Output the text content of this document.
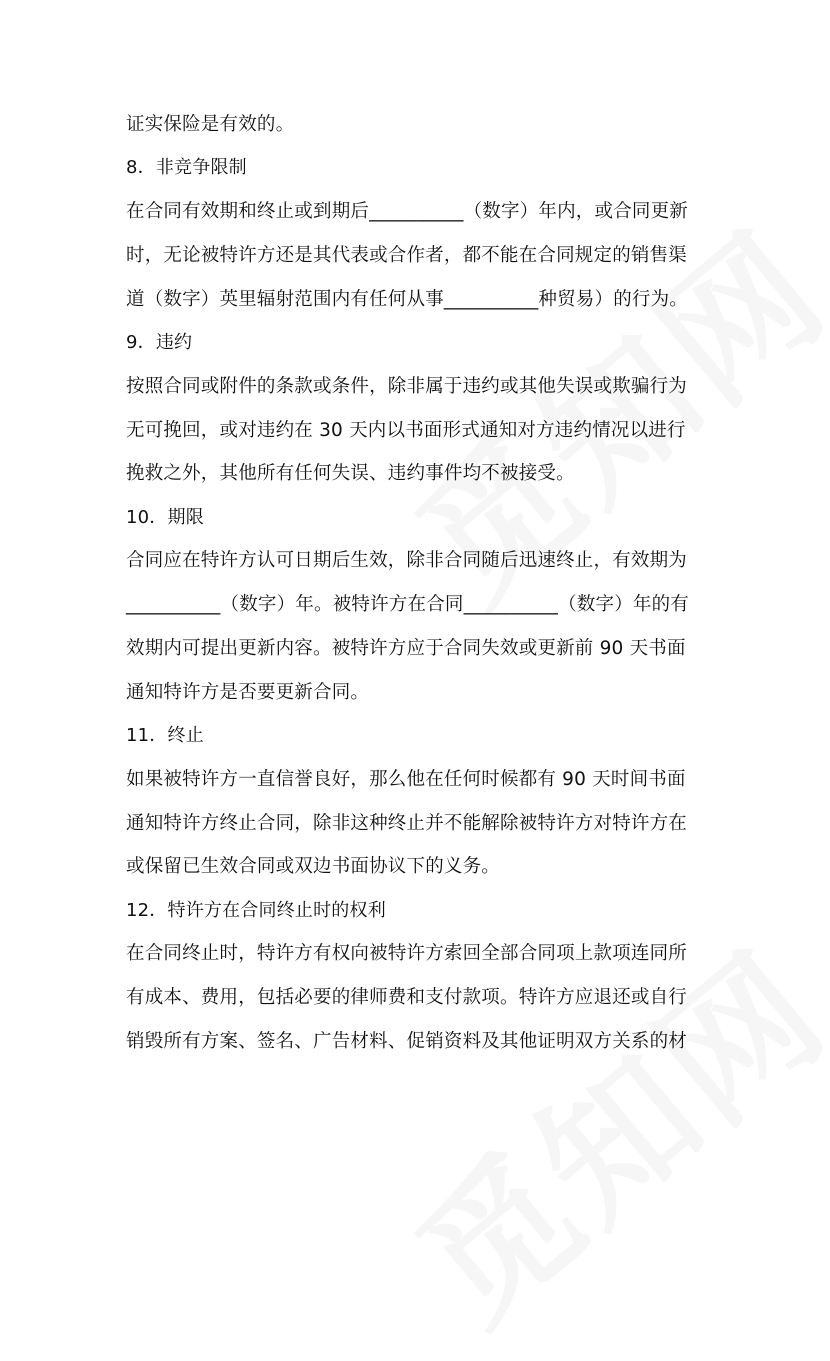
证实保险是有效的。
8．非竞争限制
在合同有效期和终止或到期后__________（数字）年内，或合同更新
时，无论被特许方还是其代表或合作者，都不能在合同规定的销售渠
道（数字）英里辐射范围内有任何从事__________种贸易）的行为。
9．违约
按照合同或附件的条款或条件，除非属于违约或其他失误或欺骗行为
无可挽回，或对违约在 30 天内以书面形式通知对方违约情况以进行
挽救之外，其他所有任何失误、违约事件均不被接受。
10．期限
合同应在特许方认可日期后生效，除非合同随后迅速终止，有效期为
__________（数字）年。被特许方在合同__________（数字）年的有
效期内可提出更新内容。被特许方应于合同失效或更新前 90 天书面
通知特许方是否要更新合同。
11．终止
如果被特许方一直信誉良好，那么他在任何时候都有 90 天时间书面
通知特许方终止合同，除非这种终止并不能解除被特许方对特许方在
或保留已生效合同或双边书面协议下的义务。
12．特许方在合同终止时的权利
在合同终止时，特许方有权向被特许方索回全部合同项上款项连同所
有成本、费用，包括必要的律师费和支付款项。特许方应退还或自行
销毁所有方案、签名、广告材料、促销资料及其他证明双方关系的材
